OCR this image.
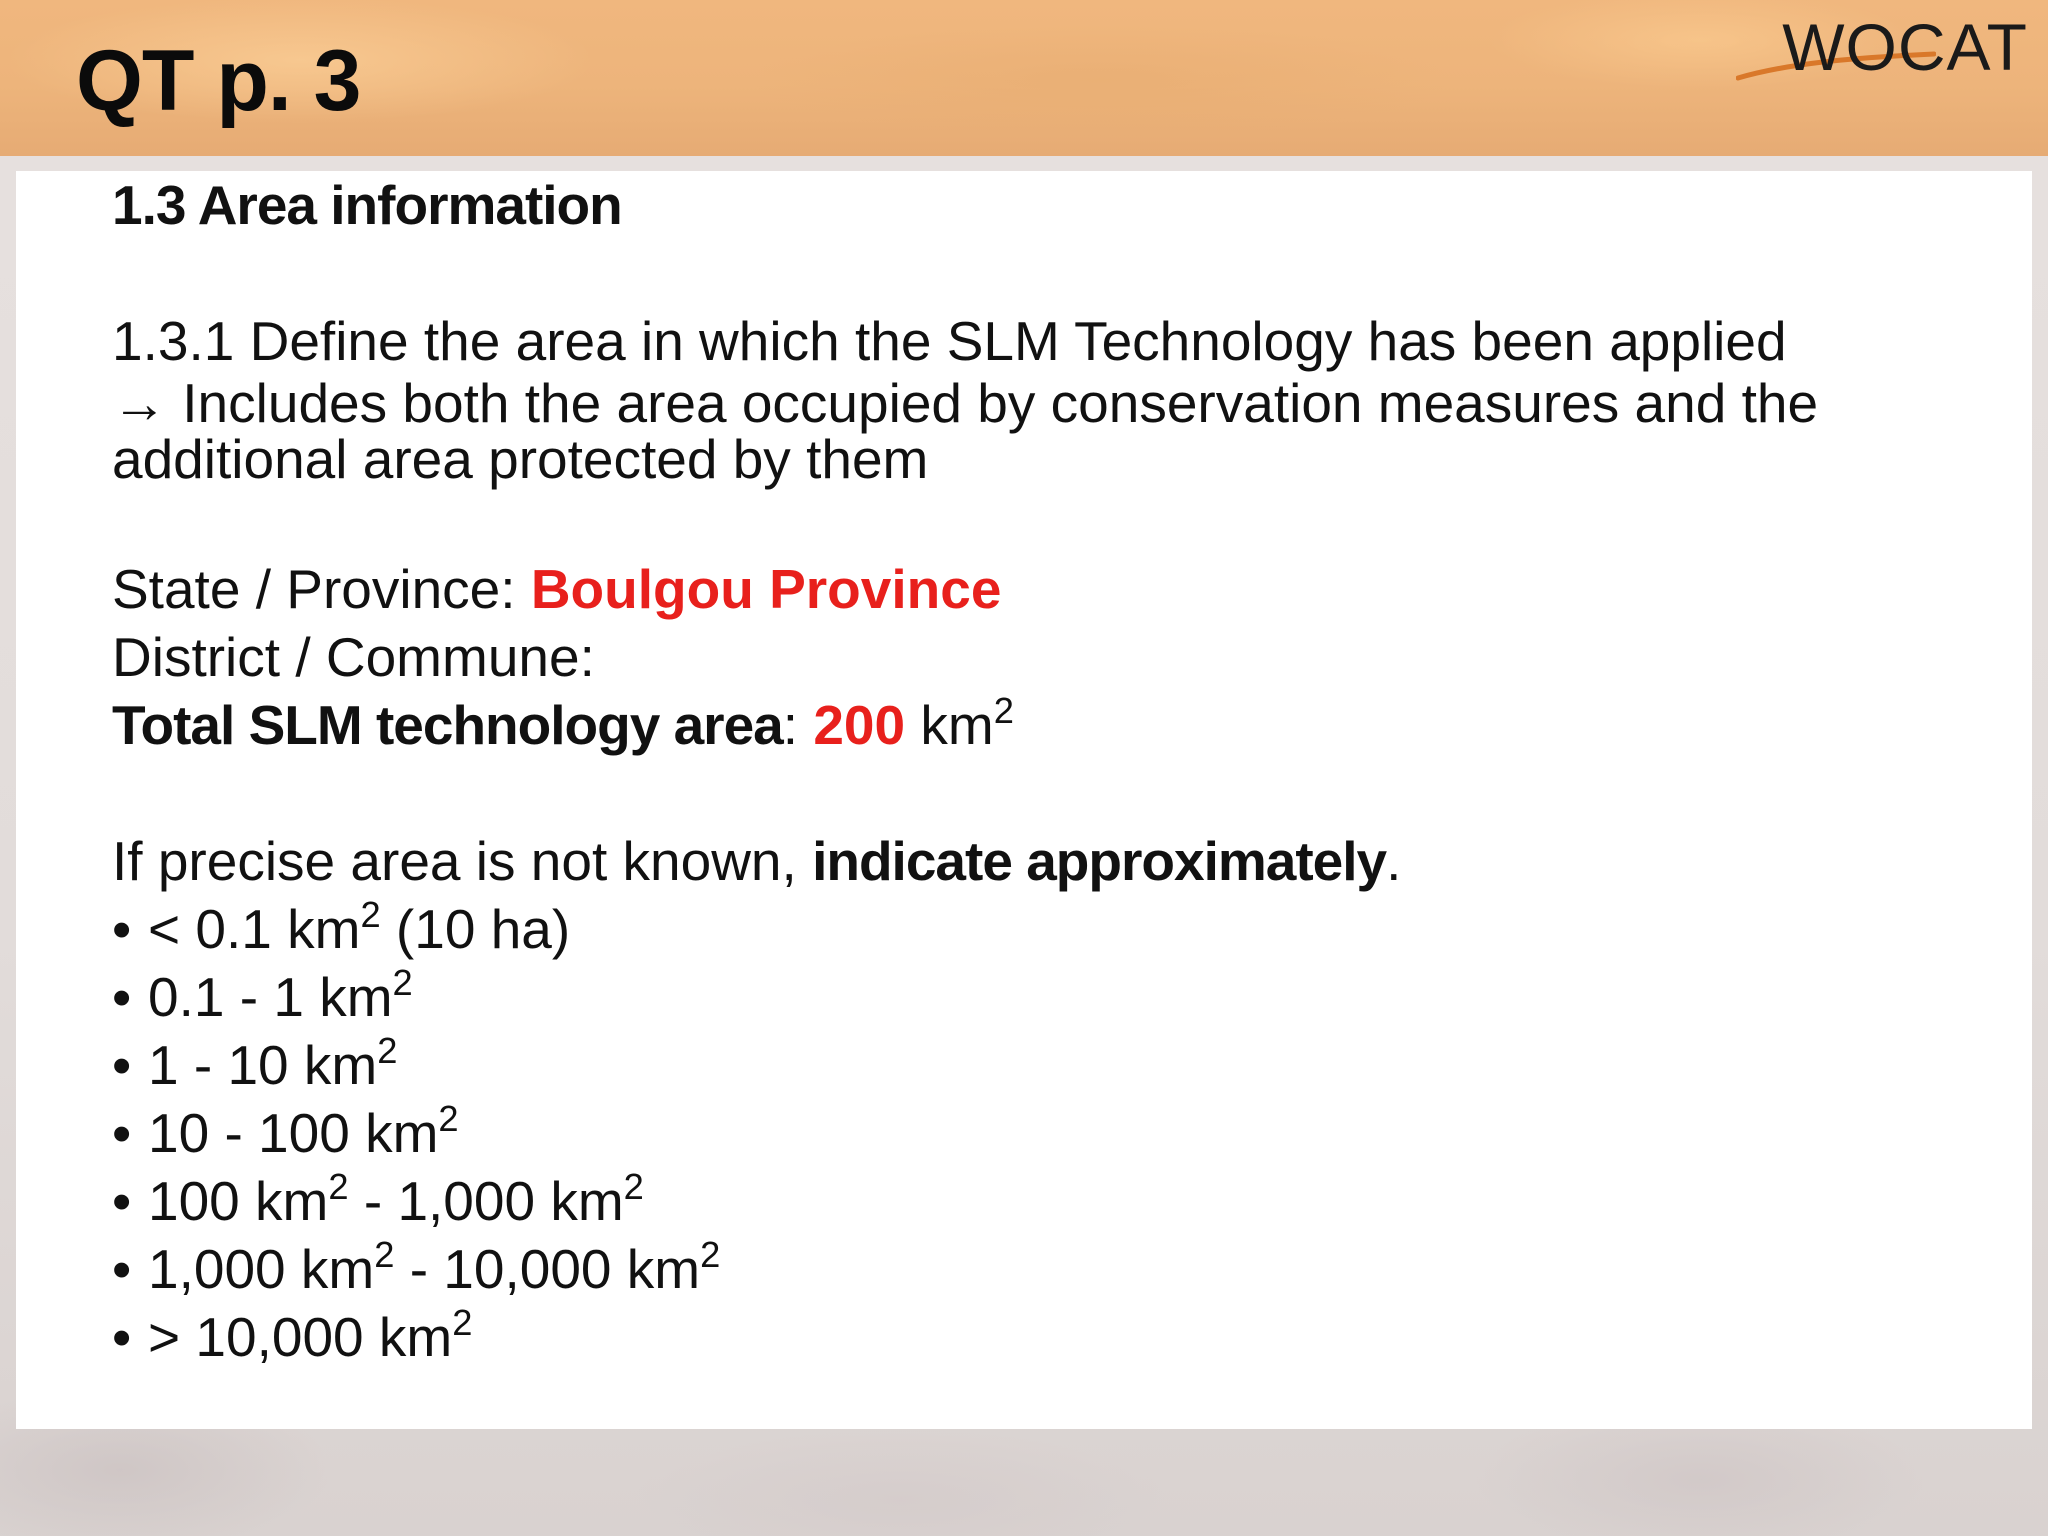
QT p. 3	WOCAT
1.3 Area information
1.3.1 Define the area in which the SLM Technology has been applied
→ Includes both the area occupied by conservation measures and the
additional area protected by them
State / Province: Boulgou Province
District / Commune:
Total SLM technology area: 200 $km^2$
If precise area is not known, indicate approximately.
• < 0.1 $km^2$ (10 ha)
• 0.1 - 1 $km^2$
• 1 - 10 $km^2$
• 10 - 100 $km^2$
• 100 $km^2 - 1,000$ $km^2$
• 1,000 $km^2 - 10,000$ $km^2$
• > 10,000 $km^2$
